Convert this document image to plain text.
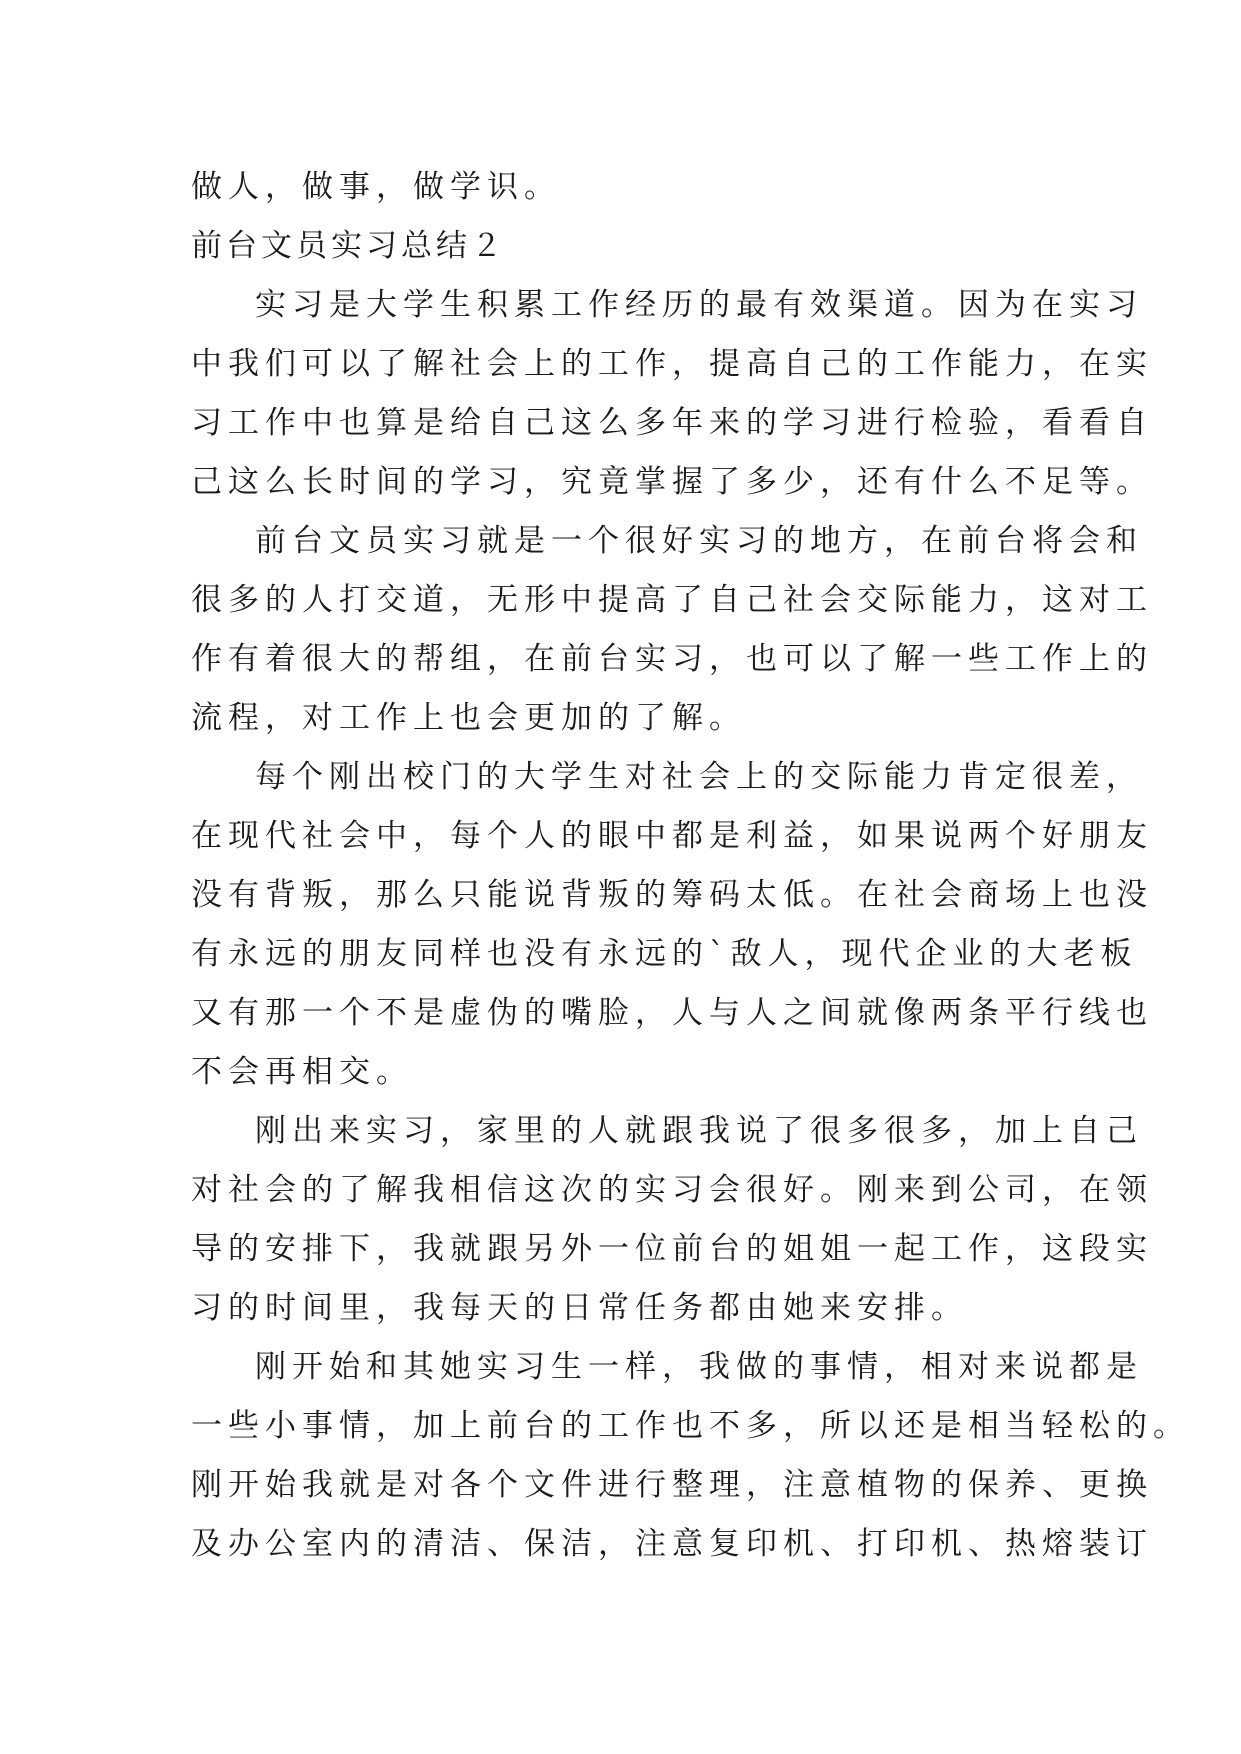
做人，做事，做学识。
前台文员实习总结２
实习是大学生积累工作经历的最有效渠道。因为在实习
中我们可以了解社会上的工作，提高自己的工作能力，在实
习工作中也算是给自己这么多年来的学习进行检验，看看自
己这么长时间的学习，究竟掌握了多少，还有什么不足等。
前台文员实习就是一个很好实习的地方，在前台将会和
很多的人打交道，无形中提高了自己社会交际能力，这对工
作有着很大的帮组，在前台实习，也可以了解一些工作上的
流程，对工作上也会更加的了解。
每个刚出校门的大学生对社会上的交际能力肯定很差，
在现代社会中，每个人的眼中都是利益，如果说两个好朋友
没有背叛，那么只能说背叛的筹码太低。在社会商场上也没
有永远的朋友同样也没有永远的`敌人，现代企业的大老板
又有那一个不是虚伪的嘴脸，人与人之间就像两条平行线也
不会再相交。
刚出来实习，家里的人就跟我说了很多很多，加上自己
对社会的了解我相信这次的实习会很好。刚来到公司，在领
导的安排下，我就跟另外一位前台的姐姐一起工作，这段实
习的时间里，我每天的日常任务都由她来安排。
刚开始和其她实习生一样，我做的事情，相对来说都是
一些小事情，加上前台的工作也不多，所以还是相当轻松的。
刚开始我就是对各个文件进行整理，注意植物的保养、更换
及办公室内的清洁、保洁，注意复印机、打印机、热熔装订
